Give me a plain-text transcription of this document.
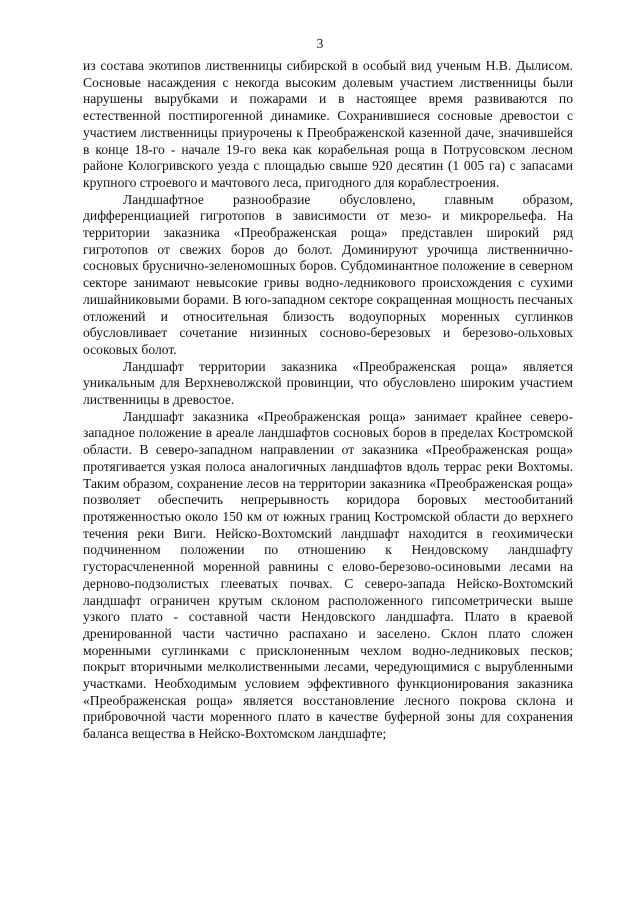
3

из состава экотипов лиственницы сибирской в особый вид ученым Н.В. Дылисом. Сосновые насаждения с некогда высоким долевым участием лиственницы были нарушены вырубками и пожарами и в настоящее время развиваются по естественной постпирогенной динамике. Сохранившиеся сосновые древостои с участием лиственницы приурочены к Преображенской казенной даче, значившейся в конце 18-го - начале 19-го века как корабельная роща в Потрусовском лесном районе Кологривского уезда с площадью свыше 920 десятин (1 005 га) с запасами крупного строевого и мачтового леса, пригодного для кораблестроения.

Ландшафтное разнообразие обусловлено, главным образом, дифференциацией гигротопов в зависимости от мезо- и микрорельефа. На территории заказника «Преображенская роща» представлен широкий ряд гигротопов от свежих боров до болот. Доминируют урочища лиственнично-сосновых бруснично-зеленомошных боров. Субдоминантное положение в северном секторе занимают невысокие гривы водно-ледникового происхождения с сухими лишайниковыми борами. В юго-западном секторе сокращенная мощность песчаных отложений и относительная близость водоупорных моренных суглинков обусловливает сочетание низинных сосново-березовых и березово-ольховых осоковых болот.

Ландшафт территории заказника «Преображенская роща» является уникальным для Верхневолжской провинции, что обусловлено широким участием лиственницы в древостое.

Ландшафт заказника «Преображенская роща» занимает крайнее северо-западное положение в ареале ландшафтов сосновых боров в пределах Костромской области. В северо-западном направлении от заказника «Преображенская роща» протягивается узкая полоса аналогичных ландшафтов вдоль террас реки Вохтомы. Таким образом, сохранение лесов на территории заказника «Преображенская роща» позволяет обеспечить непрерывность коридора боровых местообитаний протяженностью около 150 км от южных границ Костромской области до верхнего течения реки Виги. Нейско-Вохтомский ландшафт находится в геохимически подчиненном положении по отношению к Нендовскому ландшафту густорасчлененной моренной равнины с елово-березово-осиновыми лесами на дерново-подзолистых глееватых почвах. С северо-запада Нейско-Вохтомский ландшафт ограничен крутым склоном расположенного гипсометрически выше узкого плато - составной части Нендовского ландшафта. Плато в краевой дренированной части частично распахано и заселено. Склон плато сложен моренными суглинками с присклоненным чехлом водно-ледниковых песков; покрыт вторичными мелколиственными лесами, чередующимися с вырубленными участками. Необходимым условием эффективного функционирования заказника «Преображенская роща» является восстановление лесного покрова склона и прибровочной части моренного плато в качестве буферной зоны для сохранения баланса вещества в Нейско-Вохтомском ландшафте;
